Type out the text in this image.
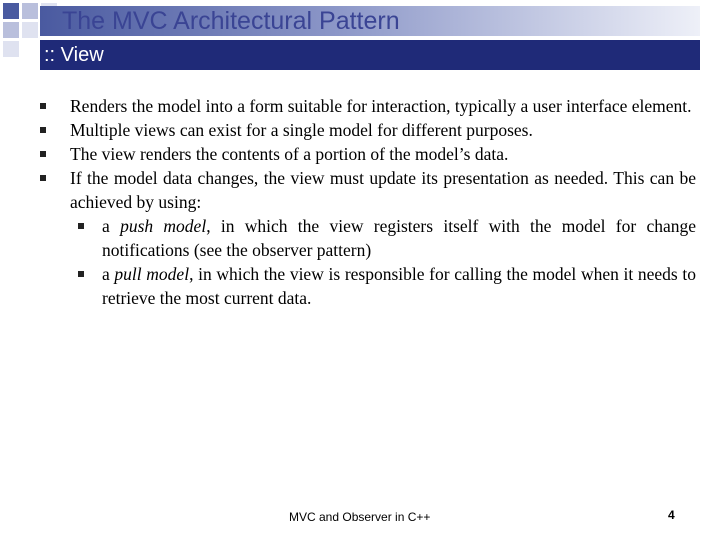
The MVC Architectural Pattern
:: View
Renders the model into a form suitable for interaction, typically a user interface element.
Multiple views can exist for a single model for different purposes.
The view renders the contents of a portion of the model’s data.
If the model data changes, the view must update its presentation as needed. This can be achieved by using:
a push model, in which the view registers itself with the model for change notifications (see the observer pattern)
a pull model, in which the view is responsible for calling the model when it needs to retrieve the most current data.
MVC and Observer in C++	4
